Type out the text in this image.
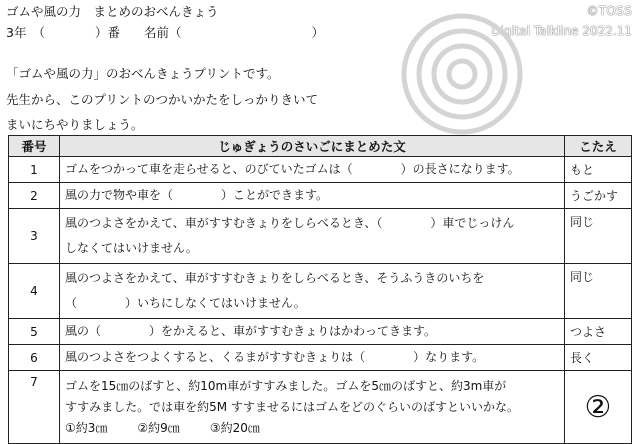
ゴムや風の力　まとめのおべんきょう
3年 （　　　　）番 名前（	）
©TOSS
Digital Talkline 2022.11
「ゴムや風の力」のおべんきょうプリントです。
先生から、このプリントのつかいかたをしっかりきいて
まいにちやりましょう。
番号	じゅぎょうのさいごにまとめた文	こたえ
1	ゴムをつかって車を走らせると、のびていたゴムは（　　　　）の長さになります。	もと
2	風の力で物や車を（　　　　）ことができます。	うごかす
3	風のつよさをかえて、車がすすむきょりをしらべるとき、（　　　　）車でじっけん
しなくてはいけません。	同じ
4	風のつよさをかえて、車がすすむきょりをしらべるとき、そうふうきのいちを
（　　　　）いちにしなくてはいけません。	同じ
5	風の（　　　　）をかえると、車がすすむきょりはかわってきます。	つよさ
6	風のつよさをつよくすると、くるまがすすむきょりは（　　　　）なります。	長く
7	ゴムを15㎝のばすと、約10m車がすすみました。ゴムを5㎝のばすと、約3m車が
すすみました。では車を約5M すすませるにはゴムをどのぐらいのばすといいかな。
①約3㎝ ②約9㎝ ③約20㎝	②
